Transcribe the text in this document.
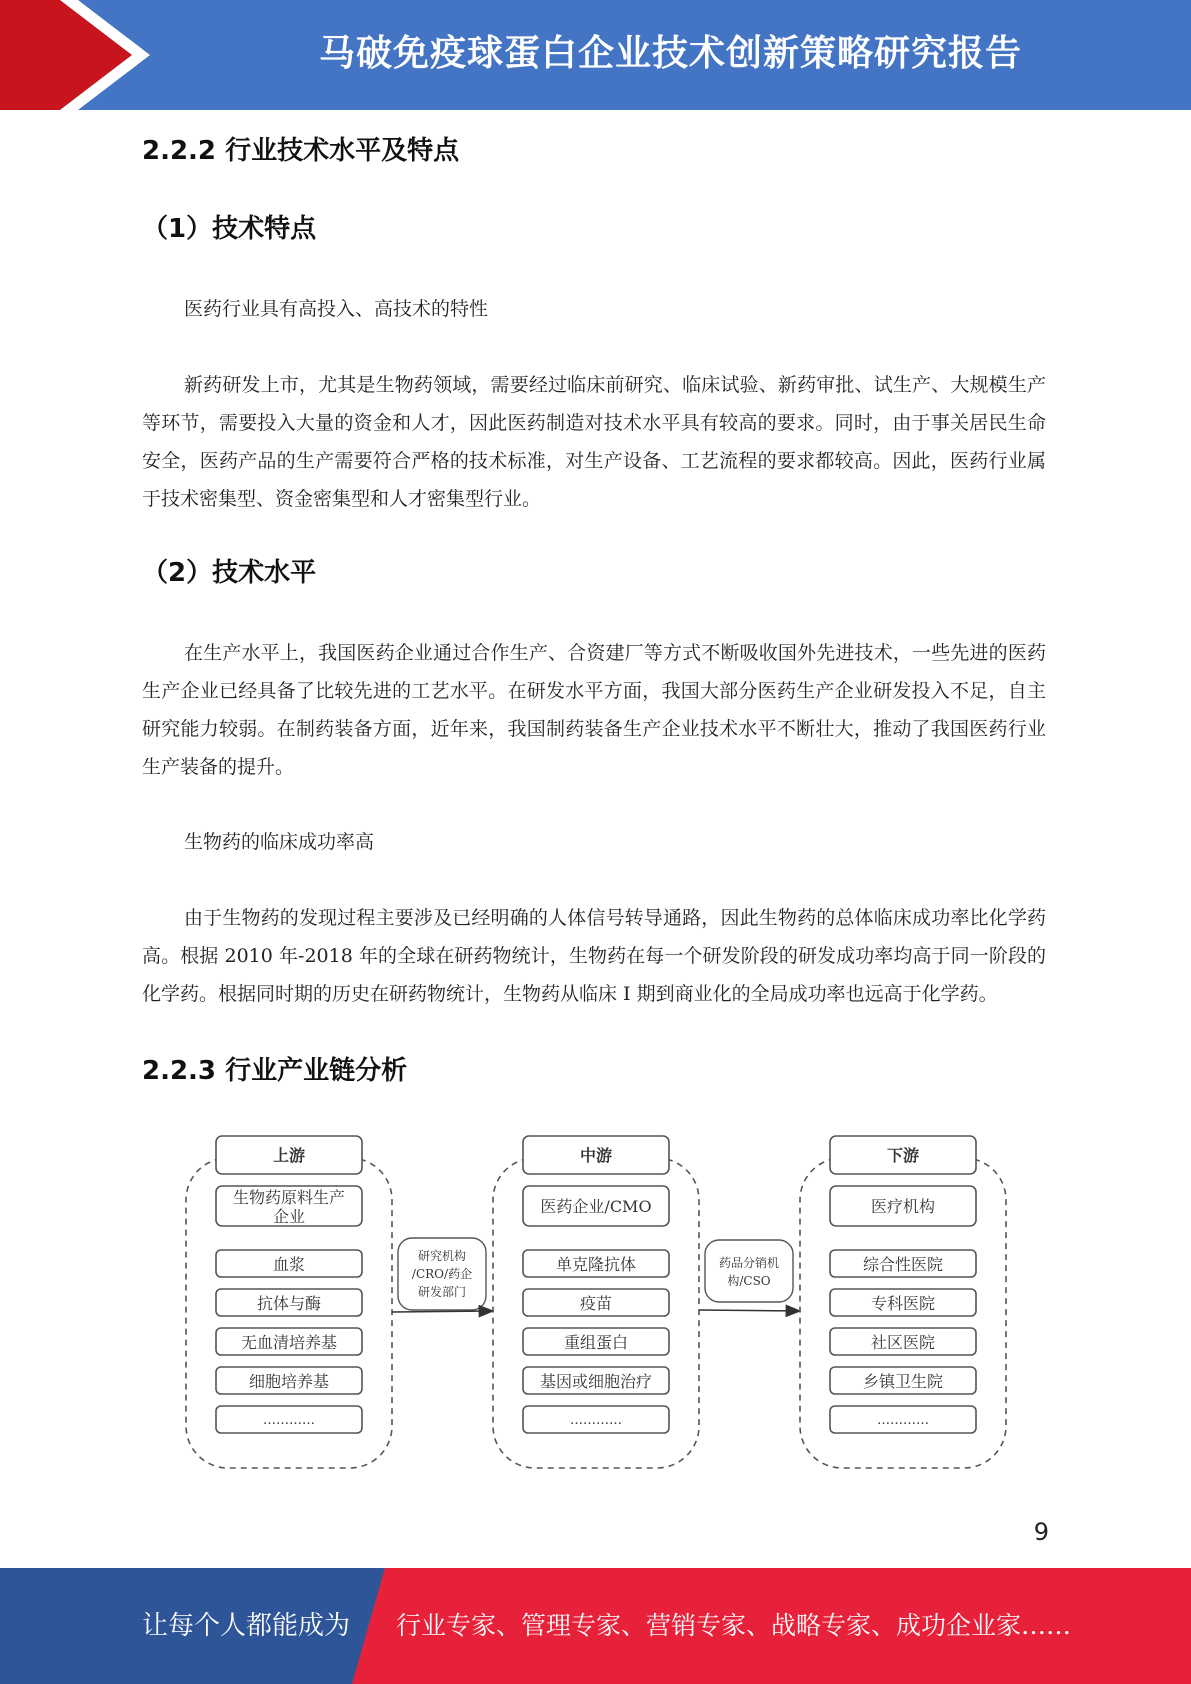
马破免疫球蛋白企业技术创新策略研究报告
2.2.2 行业技术水平及特点
（1）技术特点

医药行业具有高投入、高技术的特性

新药研发上市，尤其是生物药领域，需要经过临床前研究、临床试验、新药审批、试生产、大规模生产等环节，需要投入大量的资金和人才，因此医药制造对技术水平具有较高的要求。同时，由于事关居民生命安全，医药产品的生产需要符合严格的技术标准，对生产设备、工艺流程的要求都较高。因此，医药行业属于技术密集型、资金密集型和人才密集型行业。

（2）技术水平

在生产水平上，我国医药企业通过合作生产、合资建厂等方式不断吸收国外先进技术，一些先进的医药生产企业已经具备了比较先进的工艺水平。在研发水平方面，我国大部分医药生产企业研发投入不足，自主研究能力较弱。在制药装备方面，近年来，我国制药装备生产企业技术水平不断壮大，推动了我国医药行业生产装备的提升。

生物药的临床成功率高

由于生物药的发现过程主要涉及已经明确的人体信号转导通路，因此生物药的总体临床成功率比化学药高。根据 2010 年-2018 年的全球在研药物统计，生物药在每一个研发阶段的研发成功率均高于同一阶段的化学药。根据同时期的历史在研药物统计，生物药从临床 I 期到商业化的全局成功率也远高于化学药。

2.2.3 行业产业链分析
上游
生物药原料生产
企业
血浆
抗体与酶
无血清培养基
细胞培养基
…………
研究机构
/CRO/药企
研发部门
中游
医药企业/CMO
单克隆抗体
疫苗
重组蛋白
基因或细胞治疗
…………
药品分销机
构/CSO
下游
医疗机构
综合性医院
专科医院
社区医院
乡镇卫生院
…………
9
让每个人都能成为 行业专家、管理专家、营销专家、战略专家、成功企业家……
